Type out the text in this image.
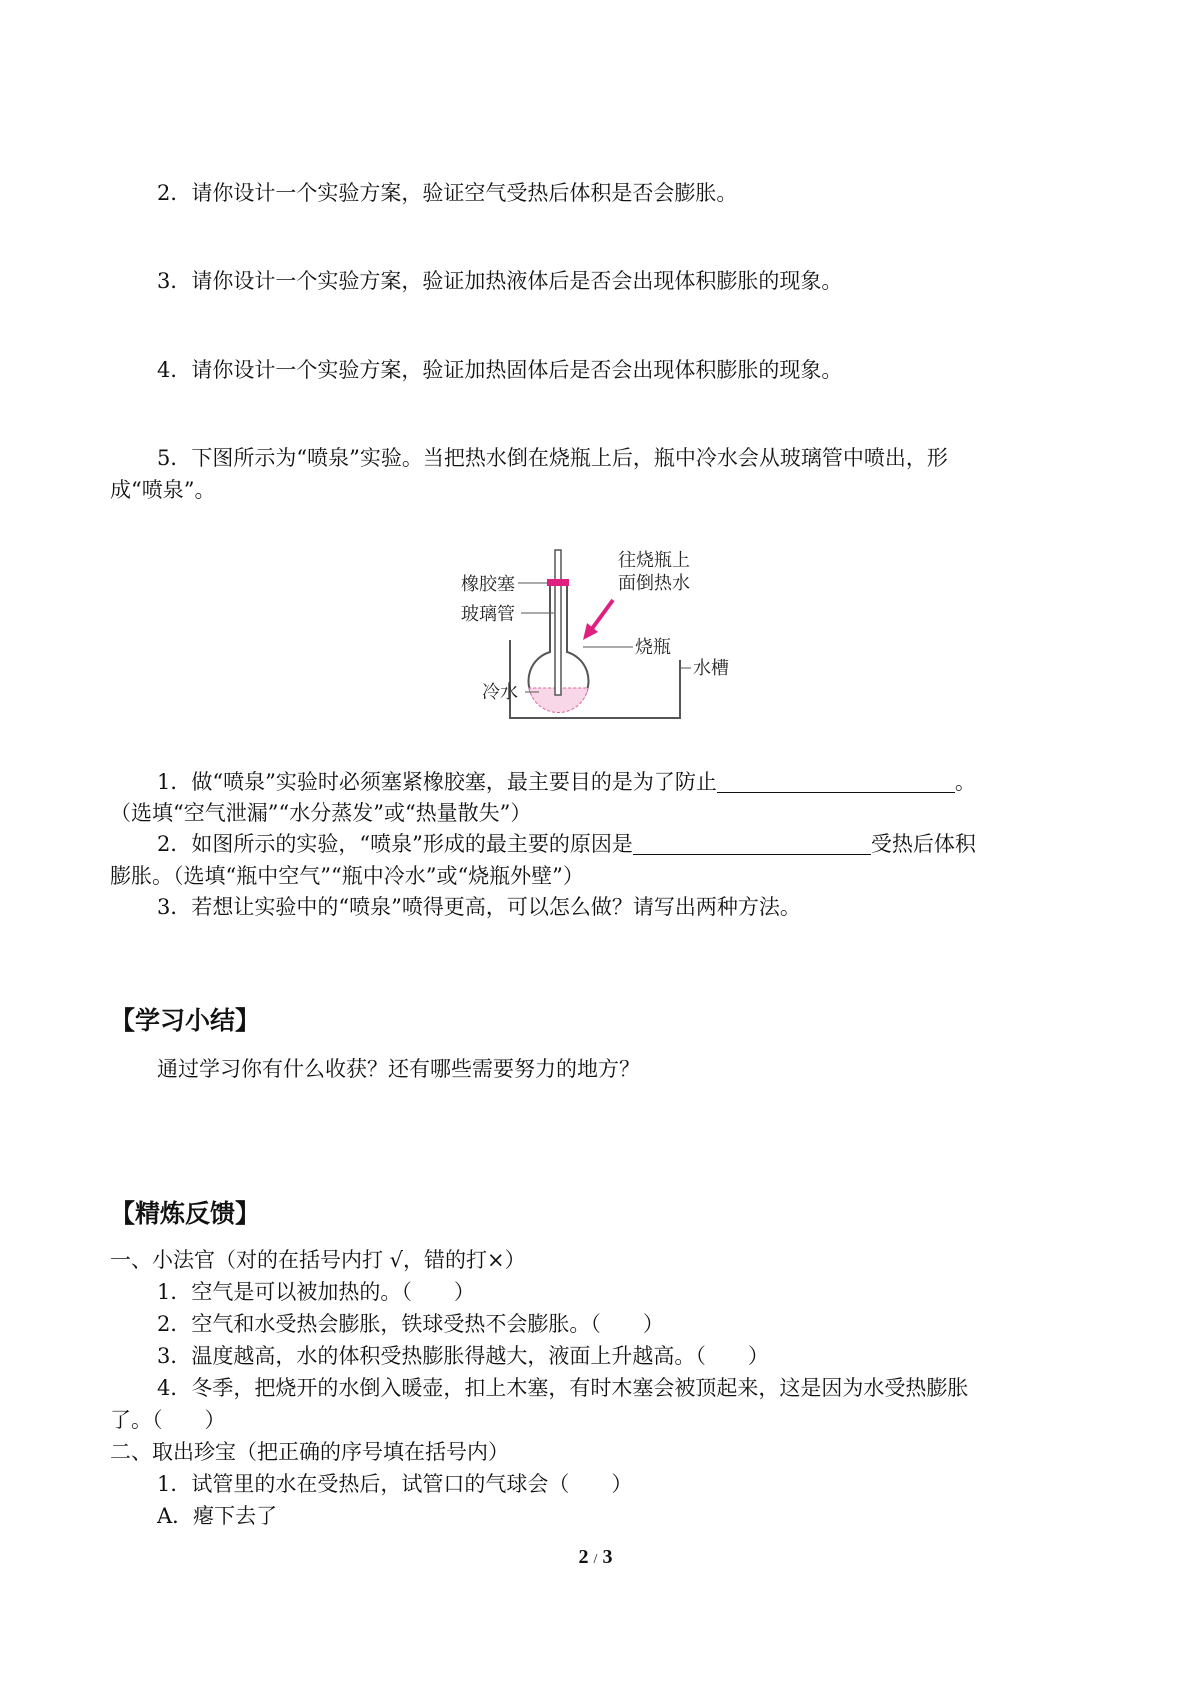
2．请你设计一个实验方案，验证空气受热后体积是否会膨胀。
3．请你设计一个实验方案，验证加热液体后是否会出现体积膨胀的现象。
4．请你设计一个实验方案，验证加热固体后是否会出现体积膨胀的现象。
5．下图所示为“喷泉”实验。当把热水倒在烧瓶上后，瓶中冷水会从玻璃管中喷出，形
成“喷泉”。
橡胶塞
玻璃管
冷水
往烧瓶上
面倒热水
烧瓶
水槽
1．做“喷泉”实验时必须塞紧橡胶塞，最主要目的是为了防止	。
（选填“空气泄漏”“水分蒸发”或“热量散失”）
2．如图所示的实验，“喷泉”形成的最主要的原因是	受热后体积
膨胀。（选填“瓶中空气”“瓶中冷水”或“烧瓶外壁”）
3．若想让实验中的“喷泉”喷得更高，可以怎么做？请写出两种方法。
【学习小结】
通过学习你有什么收获？还有哪些需要努力的地方？
【精炼反馈】
一、小法官（对的在括号内打 √，错的打×）
1．空气是可以被加热的。（　　）
2．空气和水受热会膨胀，铁球受热不会膨胀。（　　）
3．温度越高，水的体积受热膨胀得越大，液面上升越高。（　　）
4．冬季，把烧开的水倒入暖壶，扣上木塞，有时木塞会被顶起来，这是因为水受热膨胀
了。（　　）
二、取出珍宝（把正确的序号填在括号内）
1．试管里的水在受热后，试管口的气球会（　　）
A．瘪下去了
2 / 3
